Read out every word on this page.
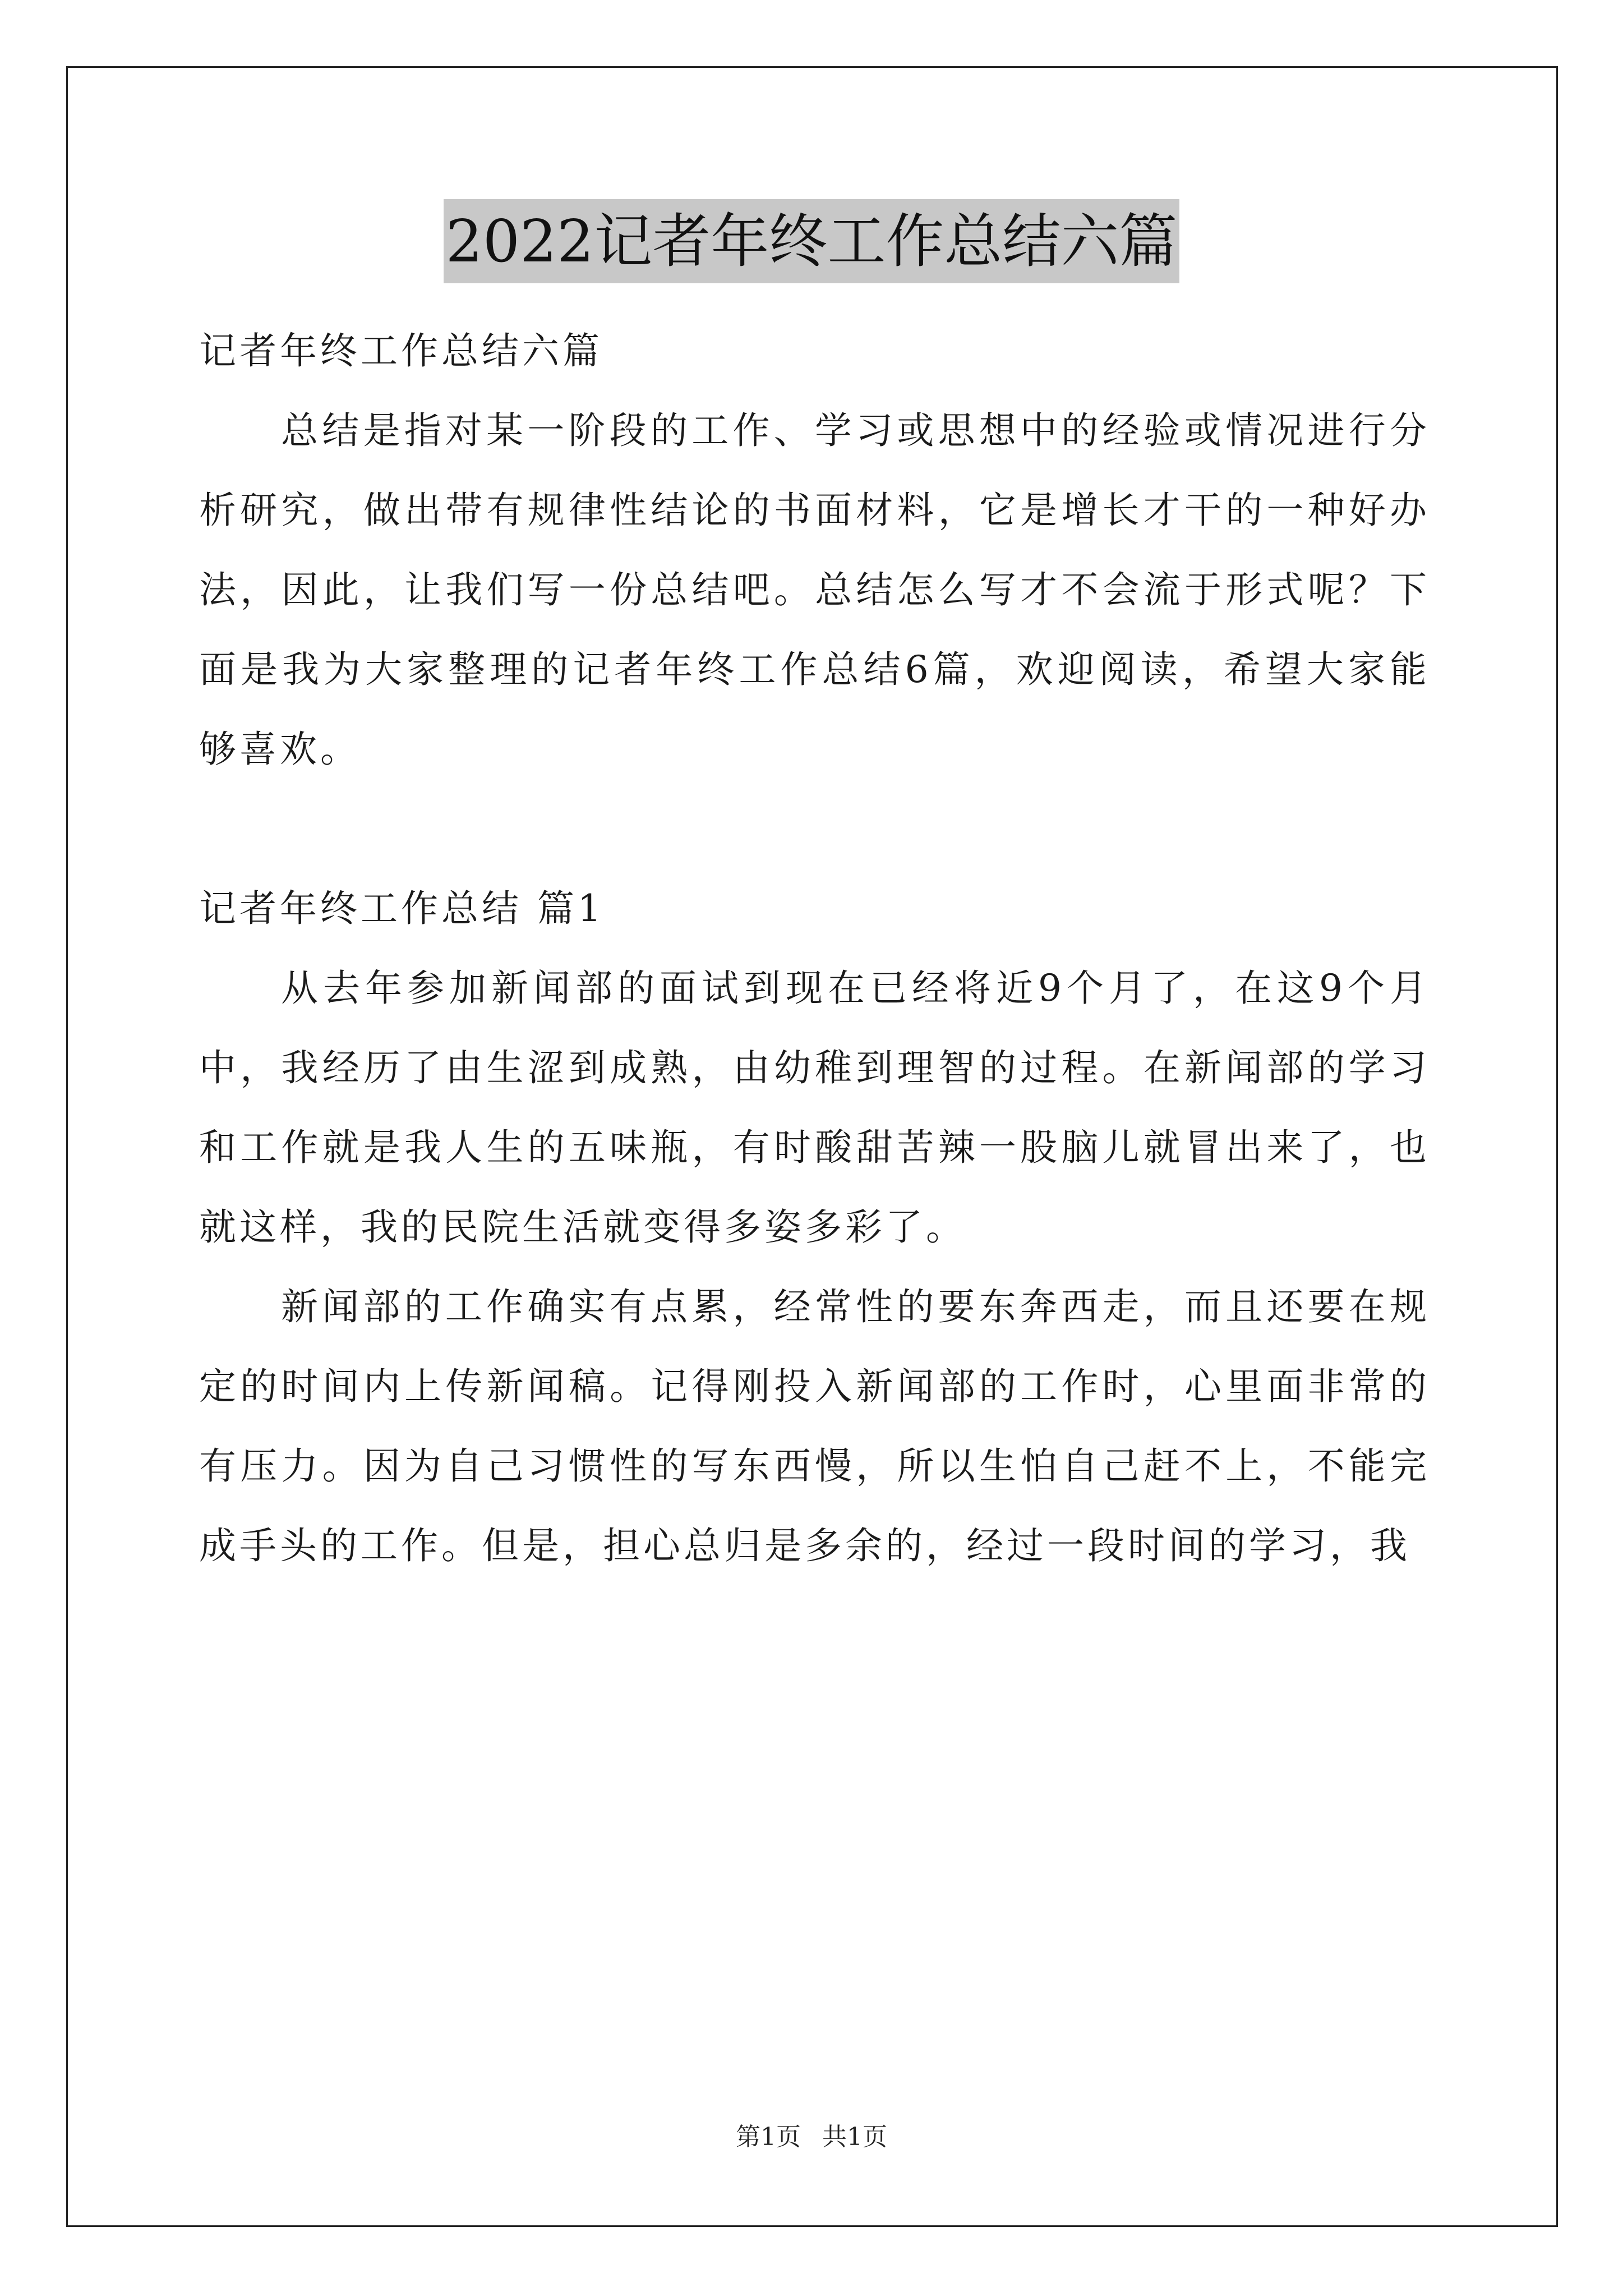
2022记者年终工作总结六篇

记者年终工作总结六篇

总结是指对某一阶段的工作、学习或思想中的经验或情况进行分析研究，做出带有规律性结论的书面材料，它是增长才干的一种好办法，因此，让我们写一份总结吧。总结怎么写才不会流于形式呢？下面是我为大家整理的记者年终工作总结6篇，欢迎阅读，希望大家能够喜欢。

记者年终工作总结 篇1

从去年参加新闻部的面试到现在已经将近9个月了，在这9个月中，我经历了由生涩到成熟，由幼稚到理智的过程。在新闻部的学习和工作就是我人生的五味瓶，有时酸甜苦辣一股脑儿就冒出来了，也就这样，我的民院生活就变得多姿多彩了。

新闻部的工作确实有点累，经常性的要东奔西走，而且还要在规定的时间内上传新闻稿。记得刚投入新闻部的工作时，心里面非常的有压力。因为自己习惯性的写东西慢，所以生怕自己赶不上，不能完成手头的工作。但是，担心总归是多余的，经过一段时间的学习，我

第1页 共1页
